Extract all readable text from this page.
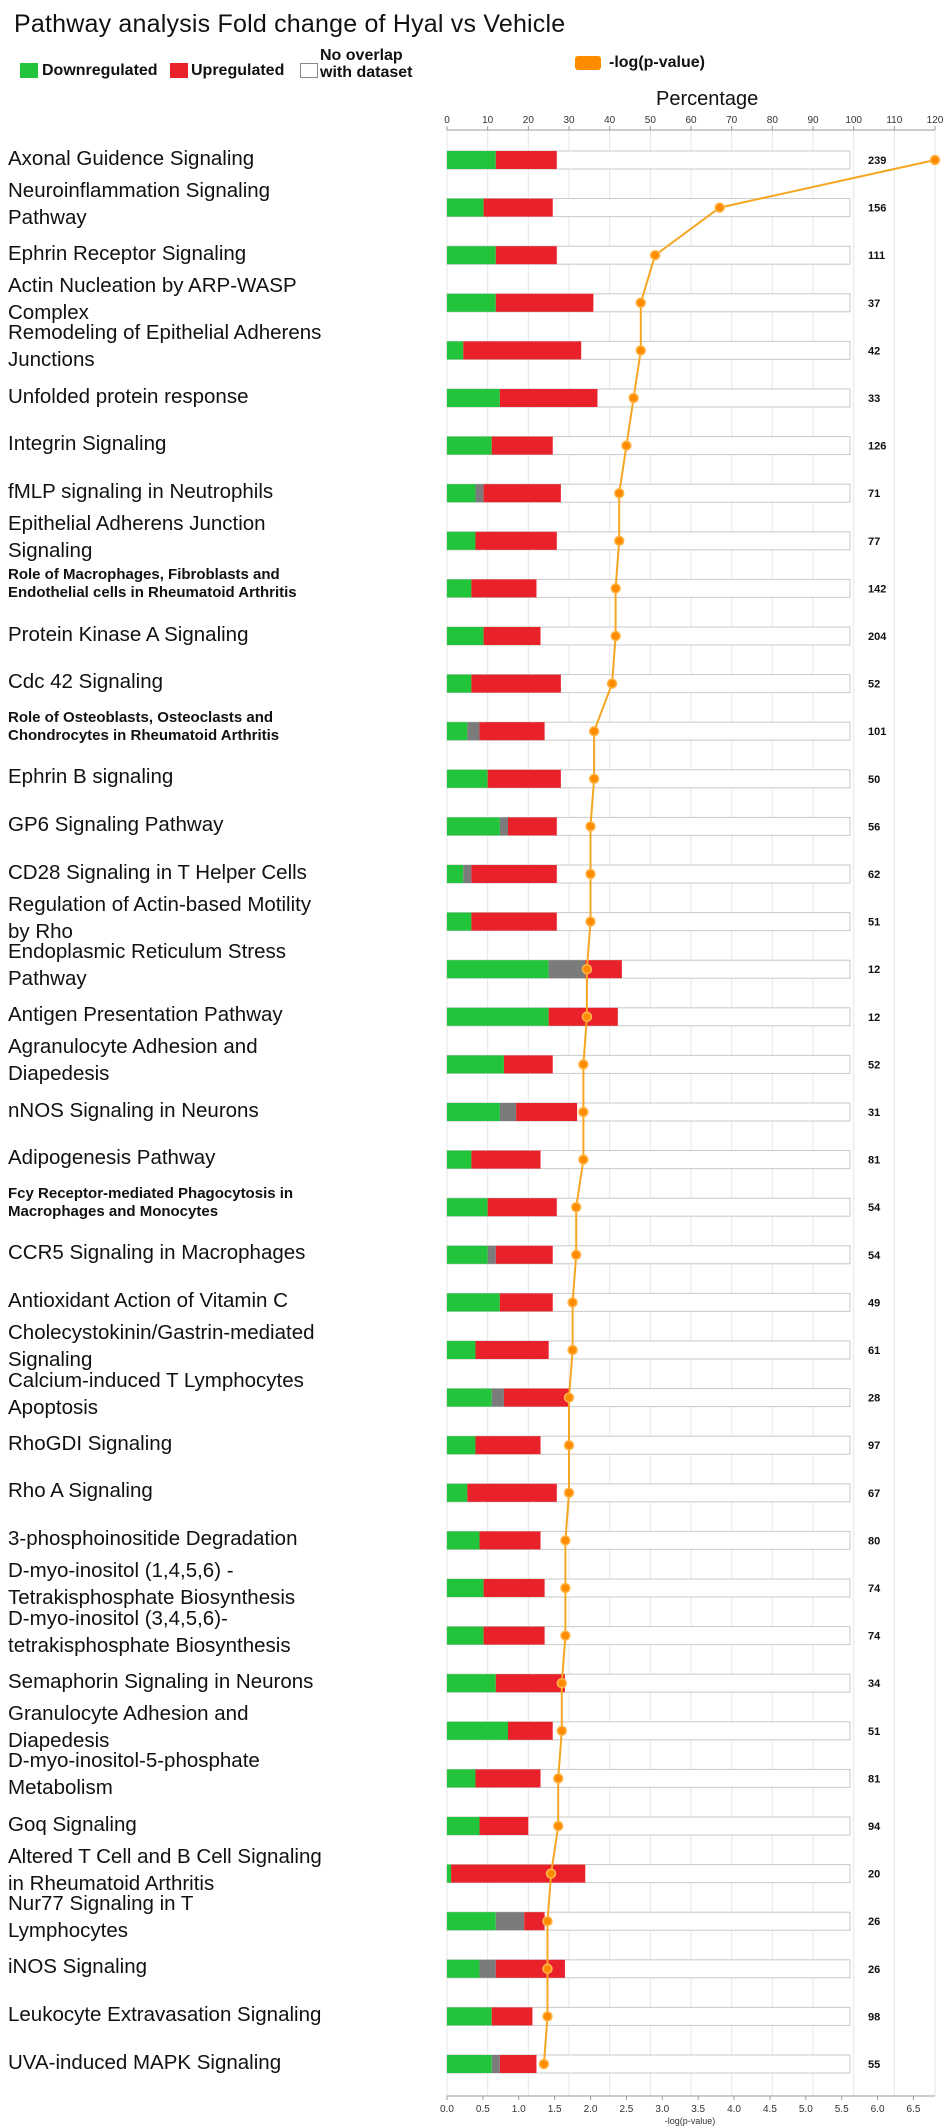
Pathway analysis Fold change of Hyal vs Vehicle
Downregulated Upregulated
No overlap
with dataset
-log(p-value)
Percentage
0	10	20	30	40	50	60	70	80	90	100 110 120
0.0 0.5 1.0 1.5 2.0 2.5 3.0 3.5 4.0 4.5 5.0 5.5 6.0 6.5
-log(p-value)
239
156
111
37
42
33
126
71
77
142
204
52
101
50
56
62
51
12
12
52
31
81
54
54
49
61
28
97
67
80
74
74
34
51
81
94
20
26
26
98
55
Axonal Guidence Signaling
Neuroinflammation Signaling
Pathway
Ephrin Receptor Signaling
Actin Nucleation by ARP-WASP
Complex
Remodeling of Epithelial Adherens
Junctions
Unfolded protein response
Integrin Signaling
fMLP signaling in Neutrophils
Epithelial Adherens Junction
Signaling
Role of Macrophages, Fibroblasts and
Endothelial cells in Rheumatoid Arthritis
Protein Kinase A Signaling
Cdc 42 Signaling
Role of Osteoblasts, Osteoclasts and
Chondrocytes in Rheumatoid Arthritis
Ephrin B signaling
GP6 Signaling Pathway
CD28 Signaling in T Helper Cells
Regulation of Actin-based Motility
by Rho
Endoplasmic Reticulum Stress
Pathway
Antigen Presentation Pathway
Agranulocyte Adhesion and
Diapedesis
nNOS Signaling in Neurons
Adipogenesis Pathway
Fcy Receptor-mediated Phagocytosis in
Macrophages and Monocytes
CCR5 Signaling in Macrophages
Antioxidant Action of Vitamin C
Cholecystokinin/Gastrin-mediated
Signaling
Calcium-induced T Lymphocytes
Apoptosis
RhoGDI Signaling
Rho A Signaling
3-phosphoinositide Degradation
D-myo-inositol (1,4,5,6) -
Tetrakisphosphate Biosynthesis
D-myo-inositol (3,4,5,6)-
tetrakisphosphate Biosynthesis
Semaphorin Signaling in Neurons
Granulocyte Adhesion and
Diapedesis
D-myo-inositol-5-phosphate
Metabolism
Goq Signaling
Altered T Cell and B Cell Signaling
in Rheumatoid Arthritis
Nur77 Signaling in T
Lymphocytes
iNOS Signaling
Leukocyte Extravasation Signaling
UVA-induced MAPK Signaling
